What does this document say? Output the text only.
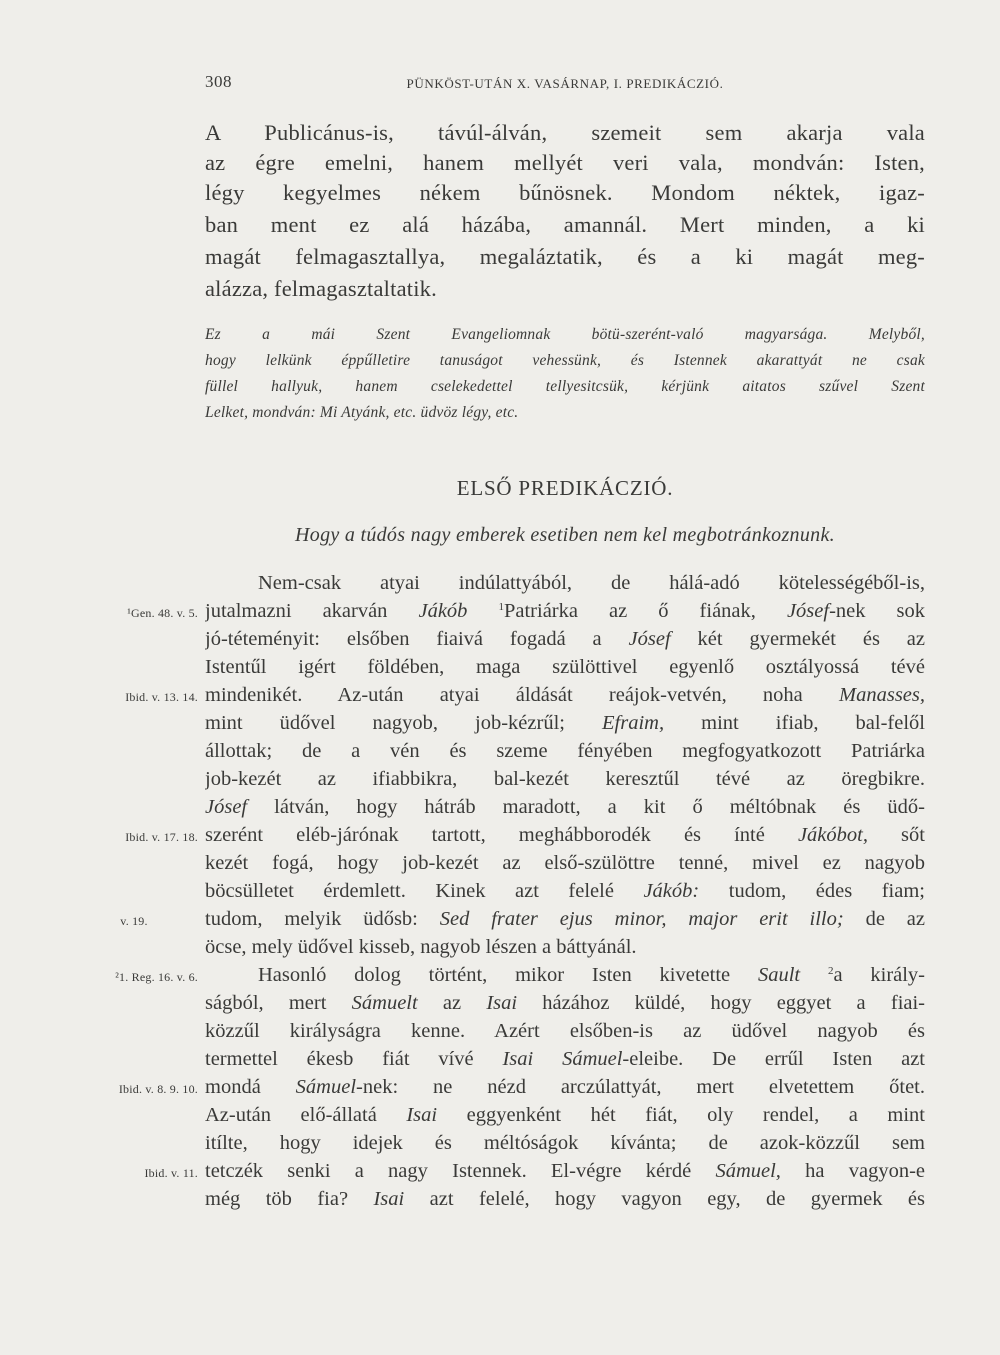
308	PÜNKÖST-UTÁN X. VASÁRNAP, I. PREDIKÁCZIÓ.
A Publicánus-is, távúl-álván, szemeit sem akarja vala
az égre emelni, hanem mellyét veri vala, mondván: Isten,
légy kegyelmes nékem bűnösnek. Mondom néktek, igaz-
ban ment ez alá házába, amannál. Mert minden, a ki
magát felmagasztallya, megaláztatik, és a ki magát meg-
alázza, felmagasztaltatik.
Ez a mái Szent Evangeliomnak bötü-szerént-való magyarsága. Melyből,
hogy lelkünk éppűlletire tanuságot vehessünk, és Istennek akarattyát ne csak
füllel hallyuk, hanem cselekedettel tellyesitcsük, kérjünk aitatos szűvel Szent
Lelket, mondván: Mi Atyánk, etc. üdvöz légy, etc.
ELSŐ PREDIKÁCZIÓ.
Hogy a túdós nagy emberek esetiben nem kel megbotránkoznunk.
Nem-csak atyai indúlattyából, de hálá-adó kötelességéből-is,
jutalmazni akarván Jákób	$^1$Patriárka az ő fiának, Jósef-nek sok
jó-téteményit: elsőben fiaivá fogadá a Jósef két gyermekét és az
Istentűl igért földében, maga szülöttivel egyenlő osztályossá tévé
mindenikét. Az-után atyai áldását reájok-vetvén, noha Manasses,
mint üdővel nagyob, job-kézrűl; Efraim, mint ifiab, bal-felől
állottak; de a vén és szeme fényében megfogyatkozott Patriárka
job-kezét az ifiabbikra, bal-kezét keresztűl tévé az öregbikre.
Jósef látván, hogy hátráb maradott, a kit ő méltóbnak és üdő-
szerént eléb-járónak tartott, meghábborodék és ínté Jákóbot, sőt
kezét fogá, hogy job-kezét az első-szülöttre tenné, mivel ez nagyob
böcsülletet érdemlett. Kinek azt felelé Jákób: tudom, édes fiam;
tudom, melyik üdősb: Sed frater ejus minor, major erit illo; de az
öcse, mely üdővel kisseb, nagyob lészen a báttyánál.
Hasonló dolog történt, mikor Isten kivetette Sault	$^2$a király-
ságból, mert Sámuelt az Isai házához küldé, hogy eggyet a fiai-
közzűl királyságra kenne. Azért elsőben-is az üdővel nagyob és
termettel ékesb fiát vívé Isai Sámuel-eleibe. De errűl Isten azt
mondá Sámuel-nek: ne nézd arczúlattyát, mert elvetettem őtet.
Az-után elő-állatá Isai eggyenként hét fiát, oly rendel, a mint
itílte, hogy idejek és méltóságok kívánta; de azok-közzűl sem
tetczék senki a nagy Istennek. El-végre kérdé Sámuel, ha vagyon-e
még töb fia? Isai azt felelé, hogy vagyon egy, de gyermek és
¹Gen. 48. v. 5.
Ibid. v. 13. 14.
Ibid. v. 17. 18.
v. 19.
²1. Reg. 16. v. 6.
Ibid. v. 8. 9. 10.
Ibid. v. 11.
